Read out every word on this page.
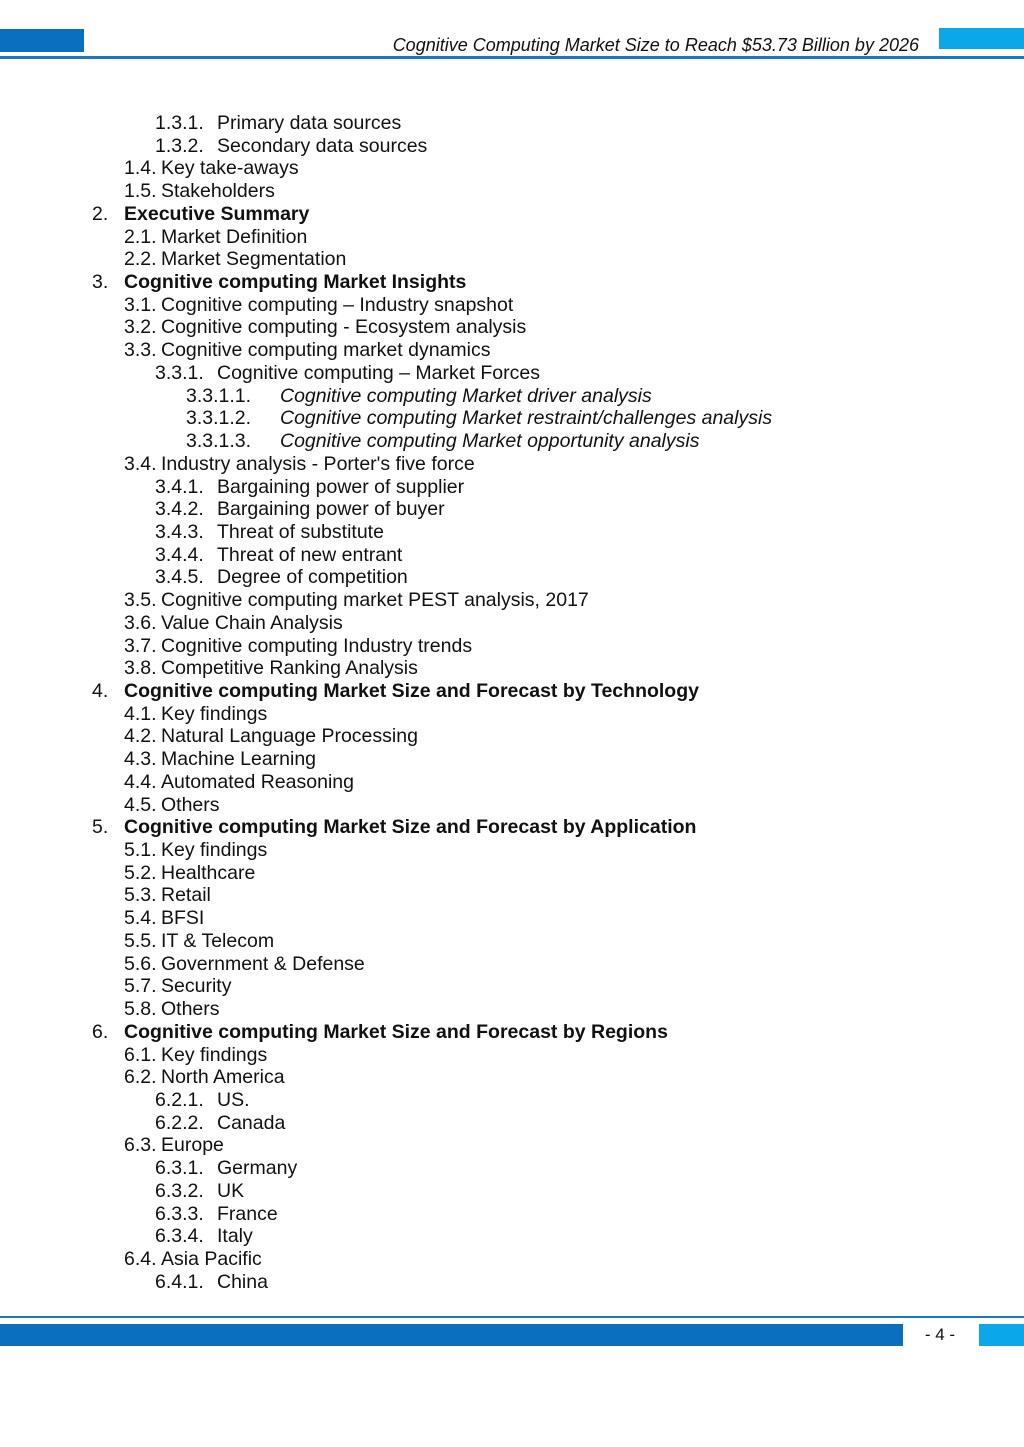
Cognitive Computing Market Size to Reach $53.73 Billion by 2026
1.3.1. Primary data sources
1.3.2. Secondary data sources
1.4. Key take-aways
1.5. Stakeholders
2. Executive Summary
2.1. Market Definition
2.2. Market Segmentation
3. Cognitive computing Market Insights
3.1. Cognitive computing – Industry snapshot
3.2. Cognitive computing - Ecosystem analysis
3.3. Cognitive computing market dynamics
3.3.1. Cognitive computing – Market Forces
3.3.1.1. Cognitive computing Market driver analysis
3.3.1.2. Cognitive computing Market restraint/challenges analysis
3.3.1.3. Cognitive computing Market opportunity analysis
3.4. Industry analysis - Porter's five force
3.4.1. Bargaining power of supplier
3.4.2. Bargaining power of buyer
3.4.3. Threat of substitute
3.4.4. Threat of new entrant
3.4.5. Degree of competition
3.5. Cognitive computing market PEST analysis, 2017
3.6. Value Chain Analysis
3.7. Cognitive computing Industry trends
3.8. Competitive Ranking Analysis
4. Cognitive computing Market Size and Forecast by Technology
4.1. Key findings
4.2. Natural Language Processing
4.3. Machine Learning
4.4. Automated Reasoning
4.5. Others
5. Cognitive computing Market Size and Forecast by Application
5.1. Key findings
5.2. Healthcare
5.3. Retail
5.4. BFSI
5.5. IT & Telecom
5.6. Government & Defense
5.7. Security
5.8. Others
6. Cognitive computing Market Size and Forecast by Regions
6.1. Key findings
6.2. North America
6.2.1. US.
6.2.2. Canada
6.3. Europe
6.3.1. Germany
6.3.2. UK
6.3.3. France
6.3.4. Italy
6.4. Asia Pacific
6.4.1. China
- 4 -
